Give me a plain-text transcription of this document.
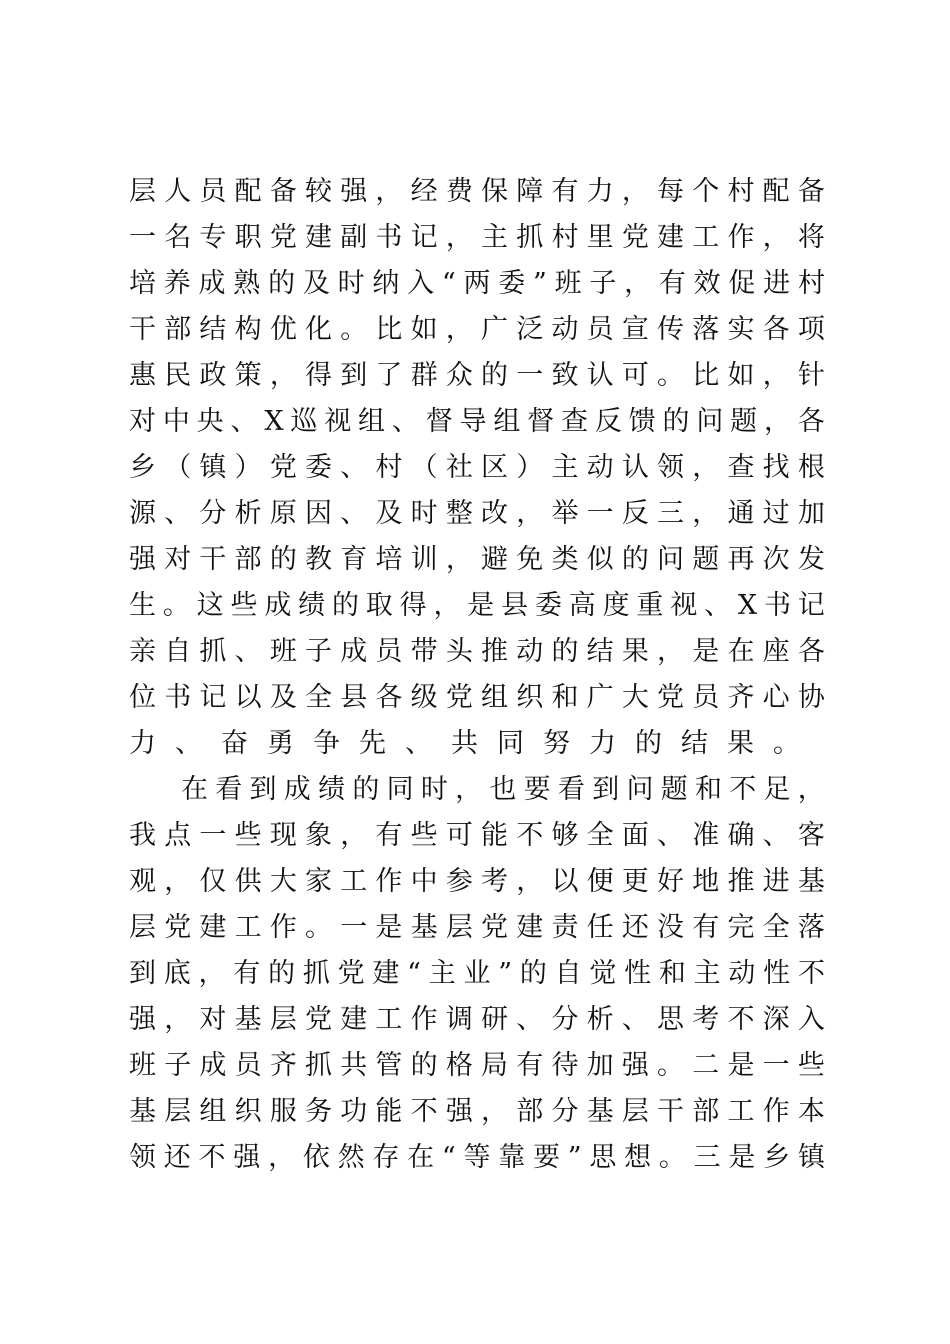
层 人 员 配 备 较 强 ， 经 费 保 障 有 力 ， 每 个 村 配 备
一 名 专 职 党 建 副 书 记 ， 主 抓 村 里 党 建 工 作 ， 将
培 养 成 熟 的 及 时 纳 入 “ 两 委 ” 班 子 ， 有 效 促 进 村
干 部 结 构 优 化 。 比 如 ， 广 泛 动 员 宣 传 落 实 各 项
惠 民 政 策 ， 得 到 了 群 众 的 一 致 认 可 。 比 如 ， 针
对 中 央 、 X 巡 视 组 、 督 导 组 督 查 反 馈 的 问 题 ， 各
乡 （ 镇 ） 党 委 、 村 （ 社 区 ） 主 动 认 领 ， 查 找 根
源 、 分 析 原 因 、 及 时 整 改 ， 举 一 反 三 ， 通 过 加
强 对 干 部 的 教 育 培 训 ， 避 免 类 似 的 问 题 再 次 发
生 。 这 些 成 绩 的 取 得 ， 是 县 委 高 度 重 视 、 X 书 记
亲 自 抓 、 班 子 成 员 带 头 推 动 的 结 果 ， 是 在 座 各
位 书 记 以 及 全 县 各 级 党 组 织 和 广 大 党 员 齐 心 协
力 、 奋 勇 争 先 、 共 同 努 力 的 结 果 。
在 看 到 成 绩 的 同 时 ， 也 要 看 到 问 题 和 不 足 ，
我 点 一 些 现 象 ， 有 些 可 能 不 够 全 面 、 准 确 、 客
观 ， 仅 供 大 家 工 作 中 参 考 ， 以 便 更 好 地 推 进 基
层 党 建 工 作 。 一 是 基 层 党 建 责 任 还 没 有 完 全 落
到 底 ， 有 的 抓 党 建 “ 主 业 ” 的 自 觉 性 和 主 动 性 不
强 ， 对 基 层 党 建 工 作 调 研 、 分 析 、 思 考 不 深 入
班 子 成 员 齐 抓 共 管 的 格 局 有 待 加 强 。 二 是 一 些
基 层 组 织 服 务 功 能 不 强 ， 部 分 基 层 干 部 工 作 本
领 还 不 强 ， 依 然 存 在 “ 等 靠 要 ” 思 想 。 三 是 乡 镇
